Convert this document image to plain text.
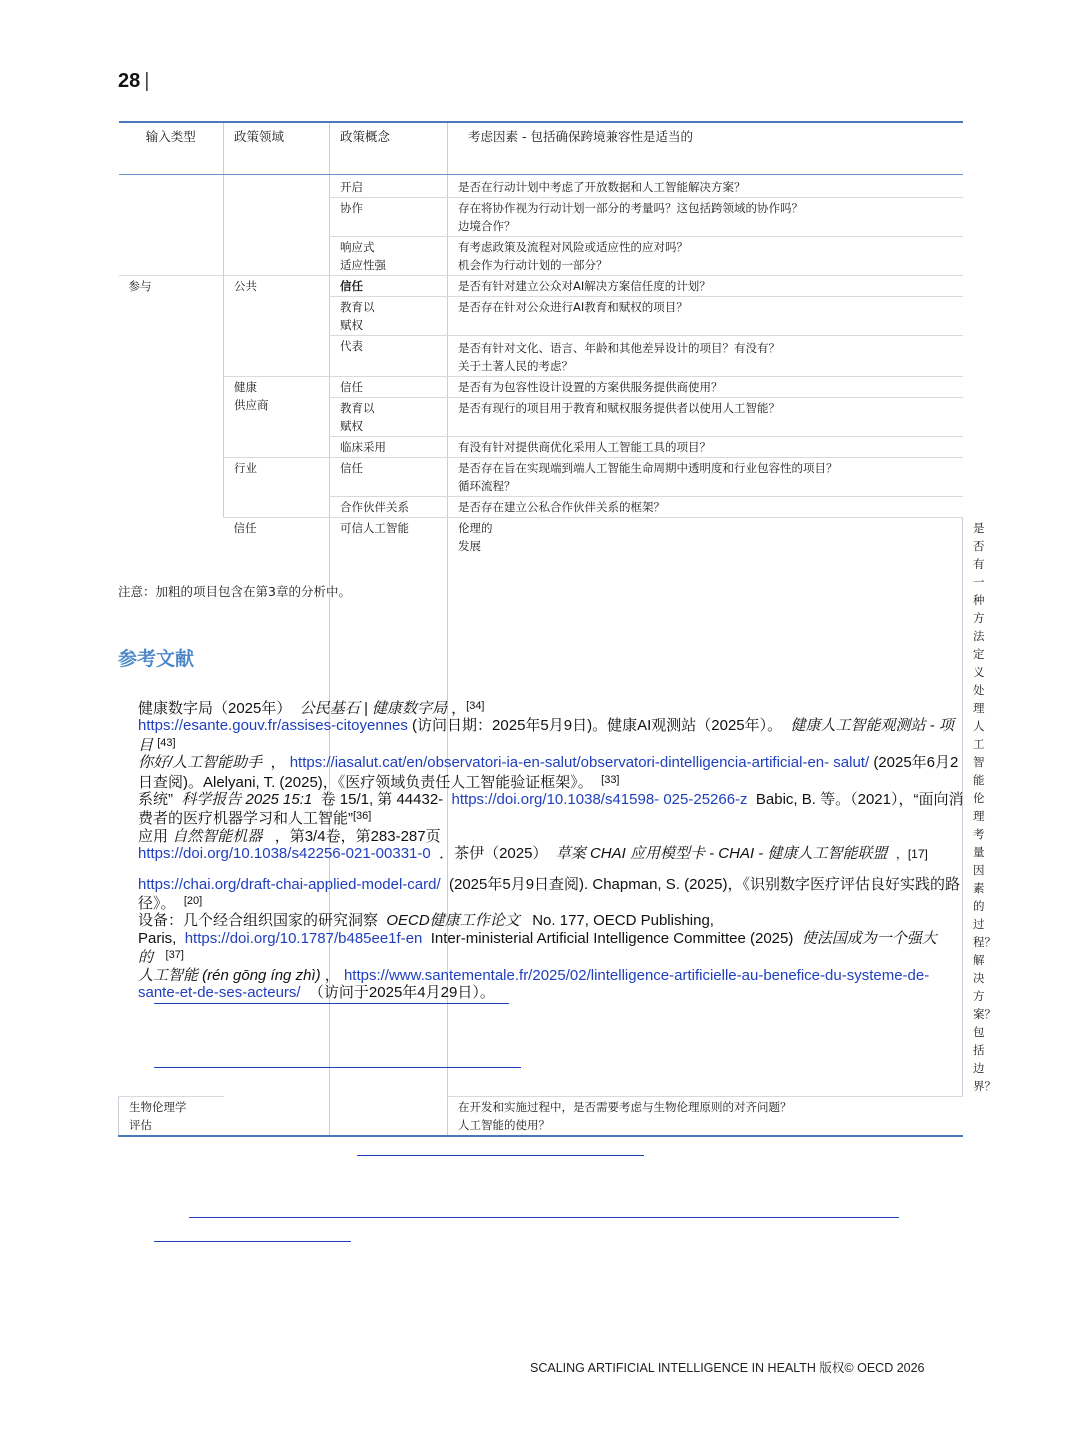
28 |
输入类型	政策领域	政策概念	考虑因素 - 包括确保跨境兼容性是适当的	
		开启	是否在行动计划中考虑了开放数据和人工智能解决方案？	
		协作	存在将协作视为行动计划一部分的考量吗？这包括跨领域的协作吗？
边境合作？	
		响应式
适应性强	有考虑政策及流程对风险或适应性的应对吗？
机会作为行动计划的一部分？	
参与	公共	信任	是否有针对建立公众对AI解决方案信任度的计划？	
		教育以
赋权	是否存在针对公众进行AI教育和赋权的项目？	
		代表	是否有针对文化、语言、年龄和其他差异设计的项目？有没有？
关于土著人民的考虑？	
	健康
供应商	信任	是否有为包容性设计设置的方案供服务提供商使用？	
		教育以
赋权	是否有现行的项目用于教育和赋权服务提供者以使用人工智能？	
		临床采用	有没有针对提供商优化采用人工智能工具的项目？	
	行业	信任	是否存在旨在实现端到端人工智能生命周期中透明度和行业包容性的项目？
循环流程？	
		合作伙伴关系	是否存在建立公私合作伙伴关系的框架？	
	信任	可信人工智能	伦理的
发展	是否有一种方法定义处理人工智能伦理考量因素的过程？
解决方案？包括边界？
生物伦理学
评估			在开发和实施过程中，是否需要考虑与生物伦理原则的对齐问题？
人工智能的使用？	
注意：加粗的项目包含在第3章的分析中。
参考文献

健康数字局（2025年） 公民基石 | 健康数字局 ，[34]

https://esante.gouv.fr/assises-citoyennes (访问日期：2025年5月9日)。健康AI观测站（2025年）。 健康人工智能观测站 - 项目 [43]

你好/人工智能助手 ， https://iasalut.cat/en/observatori-ia-en-salut/observatori-dintelligencia-artificial-en- salut/ (2025年6月2日查阅)。Alelyani, T. (2025)，《医疗领域负责任人工智能验证框架》。 [33]

系统” 科学报告 2025 15:1 卷 15/1, 第 44432- https://doi.org/10.1038/s41598- 025-25266-z Babic, B. 等。（2021），“面向消费者的医疗机器学习和人工智能”[36]

应用 自然智能机器 ，第3/4卷，第283-287页

https://doi.org/10.1038/s42256-021-00331-0 ．茶伊（2025） 草案 CHAI 应用模型卡 - CHAI - 健康人工智能联盟 ，[17]

https://chai.org/draft-chai-applied-model-card/ (2025年5月9日查阅). Chapman, S. (2025)，《识别数字医疗评估良好实践的路径》。 [20]

设备：几个经合组织国家的研究洞察 OECD健康工作论文 No. 177, OECD Publishing, Paris, https://doi.org/10.1787/b485ee1f-en Inter-ministerial Artificial Intelligence Committee (2025) 使法国成为一个强大的 [37]

人工智能 (rén gōng íng zhì) ， https://www.santementale.fr/2025/02/lintelligence-artificielle-au-benefice-du-systeme-de- sante-et-de-ses-acteurs/ （访问于2025年4月29日）。

SCALING ARTIFICIAL INTELLIGENCE IN HEALTH 版权© OECD 2026
